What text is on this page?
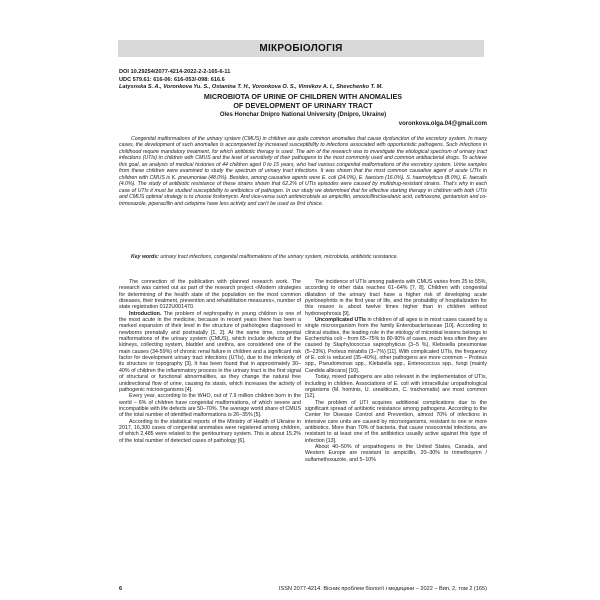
МІКРОБІОЛОГІЯ
DOI 10.29254/2077-4214-2022-2-2-165-6-11
UDC 579.61: 616-06: 616-053/-098: 616.6
Latysnska S. A., Voronkova Yu. S., Ostanina T. H., Voronkova O. S., Vinnikov A. I., Shevchenko T. M.
MICROBIOTA OF URINE OF CHILDREN WITH ANOMALIES
OF DEVELOPMENT OF URINARY TRACT
Oles Honchar Dnipro National University (Dnipro, Ukraine)
voronkova.olga.04@gmail.com

Congenital malformations of the urinary system (CMUS) in children are quite common anomalies that cause dysfunction of the excretory system. In many cases, the development of such anomalies is accompanied by increased susceptibility to infections associated with opportunistic pathogens. Such infections in childhood require mandatory treatment, for which antibiotic therapy is used. The aim of the research was to investigate the etiological spectrum of urinary tract infections (UTIs) in children with CMUS and the level of sensitivity of their pathogens to the most commonly used and common antibacterial drugs. To achieve this goal, an analysis of medical histories of 44 children aged 0 to 15 years, who had various congenital malformations of the excretory system. Urine samples from these children were examined to study the spectrum of urinary tract infections. It was shown that the most common causative agent of acute UTIs in children with CMUS is K. pneumoniae (48.0%). Besides, among causative agents were E. coli (24.0%), E. faecium (16.0%), S. haemolyticus (8.0%), E. faecalis (4.0%). The study of antibiotic resistance of these strains shown that 62.2% of UTIs episodes were caused by multidrug-resistant strains. That’s why in each case of UTIs it must be studied susceptibility to antibiotics of pathogen. In our study we determined that for effective starting therapy in children with both UTIs and CMUS optimal strategy is to choose fosfomycin. And vice-versa such antimicrobials as ampicillin, amoxicillin/clavulanic acid, ceftriaxone, gentamicin and co-trimoxazole, piperacillin and cefepime have less activity and can’t be used as first choice.

Key words: urinary tract infections, congenital malformations of the urinary system, microbiota, antibiotic resistance.

The connection of the publication with planned research work. The research was carried out as part of the research project «Modern strategies for determining of the health state of the population on the most common diseases, their treatment, prevention and rehabilitation measures», number of state registration 0122U001470.

Introduction. The problem of nephropathy in young children is one of the most acute in the medicine, because in recent years there has been a marked expansion of their level in the structure of pathologies diagnosed in newborns prenatally and postnatally [1, 2]. At the same time, congenital malformations of the urinary system (CMUS), which include defects of the kidneys, collecting system, bladder and urethra, are considered one of the main causes (34-59%) of chronic renal failure in children and a significant risk factor for development urinary tract infections (UTIs), due to the inferiority of its structure or topography [3]. It has been found that in approximately 30–40% of children the inflammatory process in the urinary tract is the first signal of structural or functional abnormalities, as they change the natural free unidirectional flow of urine, causing its stasis, which increases the activity of pathogenic microorganisms [4].

Every year, according to the WHO, out of 7.9 million children born in the world – 6% of children have congenital malformations, of which severe and incompatible with life defects are 50–70%. The average world share of CMUS of the total number of identified malformations is 26–35% [5].

According to the statistical reports of the Ministry of Health of Ukraine in 2017, 16,300 cases of congenital anomalies were registered among children, of which 2,485 were related to the genitourinary system. This is about 15.2% of the total number of detected cases of pathology [6].

The incidence of UTIs among patients with CMUS varies from 25 to 55%, according to other data reaches 61–64% [7, 8]. Children with congenital dilatation of the urinary tract have a higher risk of developing acute pyelonephritis in the first year of life, and the probability of hospitalization for this reason is about twelve times higher than in children without hydronephrosis [9].

Uncomplicated UTIs in children of all ages is in most cases caused by a single microorganism from the family Enterobacteriaceae [10]. According to clinical studies, the leading role in the etiology of microbial lesions belongs to Escherichia coli – from 65–75% to 80-90% of cases, much less often they are caused by Staphylococcus saprophyticus (3–5 %), Klebsiella pneumoniae (5–23%), Proteus mirabilis (3–7%) [11]. With complicated UTIs, the frequency of E. coli is reduced (35–40%), other pathogens are more common – Proteus spp., Pseudomonas spp., Klebsiella spp., Enterococcus spp., fungi (mainly Candida albicans) [10].

Today, mixed pathogens are also relevant in the implementation of UTIs, including in children. Associations of E. coli with intracellular uropathological organisms (M. hominis, U. urealiticum, C. trachomatis) are most common [12].

The problem of UTI acquires additional complications due to the significant spread of antibiotic resistance among pathogens. According to the Center for Disease Control and Prevention, almost 70% of infections in intensive care units are caused by microorganisms, resistant to one or more antibiotics. More than 70% of bacteria, that cause nosocomial infections, are resistant to at least one of the antibiotics usually active against this type of infection [13].

About 40–50% of uropathogens in the United States, Canada, and Western Europe are resistant to ampicillin, 20–30% to trimethoprim / sulfamethoxazole, and 5–10%

6	ISSN 2077-4214. Вісник проблем біології і медицини – 2022 – Вип. 2, том 2 (165)
